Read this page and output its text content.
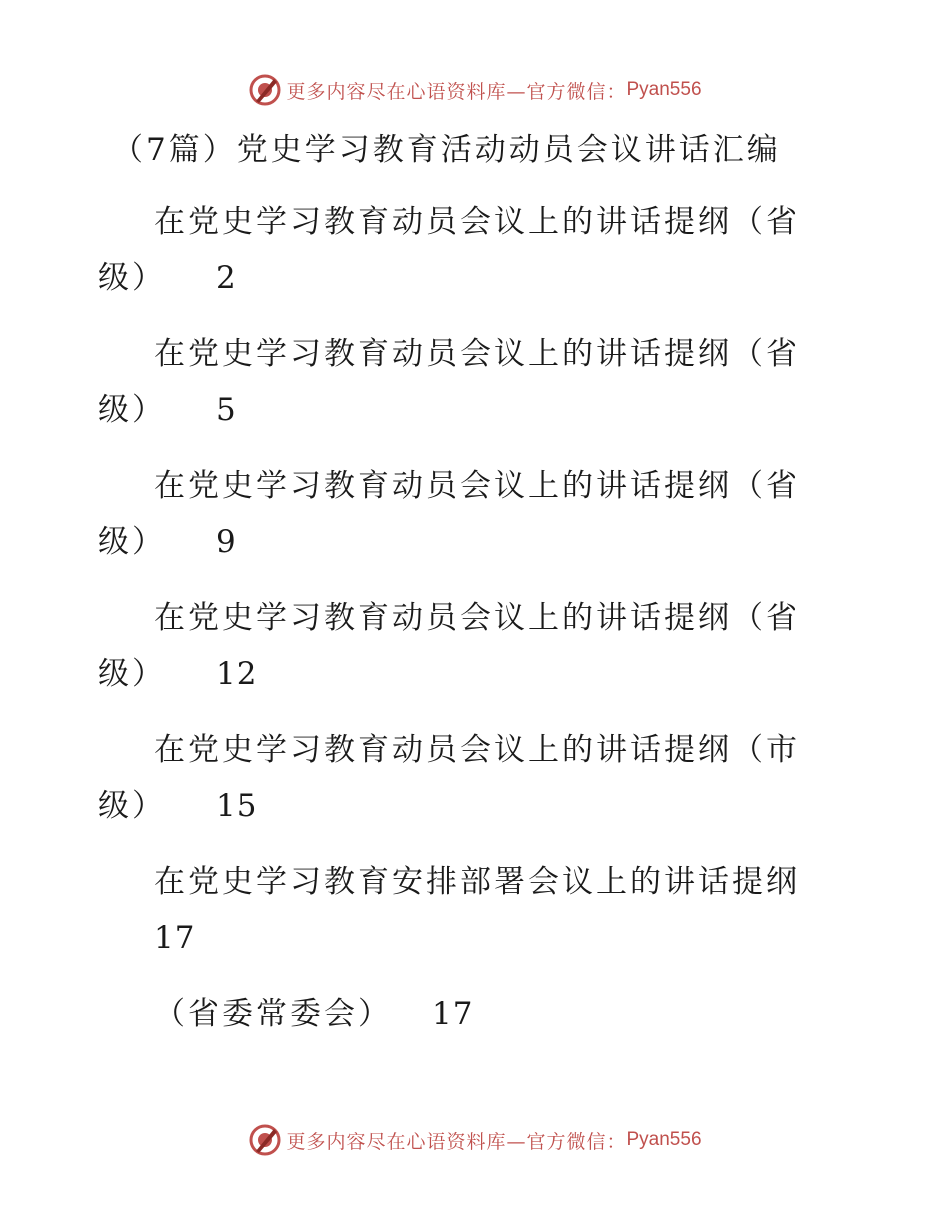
更多内容尽在心语资料库—官方微信： Pyan556
（7篇）党史学习教育活动动员会议讲话汇编
在党史学习教育动员会议上的讲话提纲（省
级） 2
在党史学习教育动员会议上的讲话提纲（省
级） 5
在党史学习教育动员会议上的讲话提纲（省
级） 9
在党史学习教育动员会议上的讲话提纲（省
级） 12
在党史学习教育动员会议上的讲话提纲（市
级） 15
在党史学习教育安排部署会议上的讲话提纲
17
（省委常委会） 17
更多内容尽在心语资料库—官方微信： Pyan556
